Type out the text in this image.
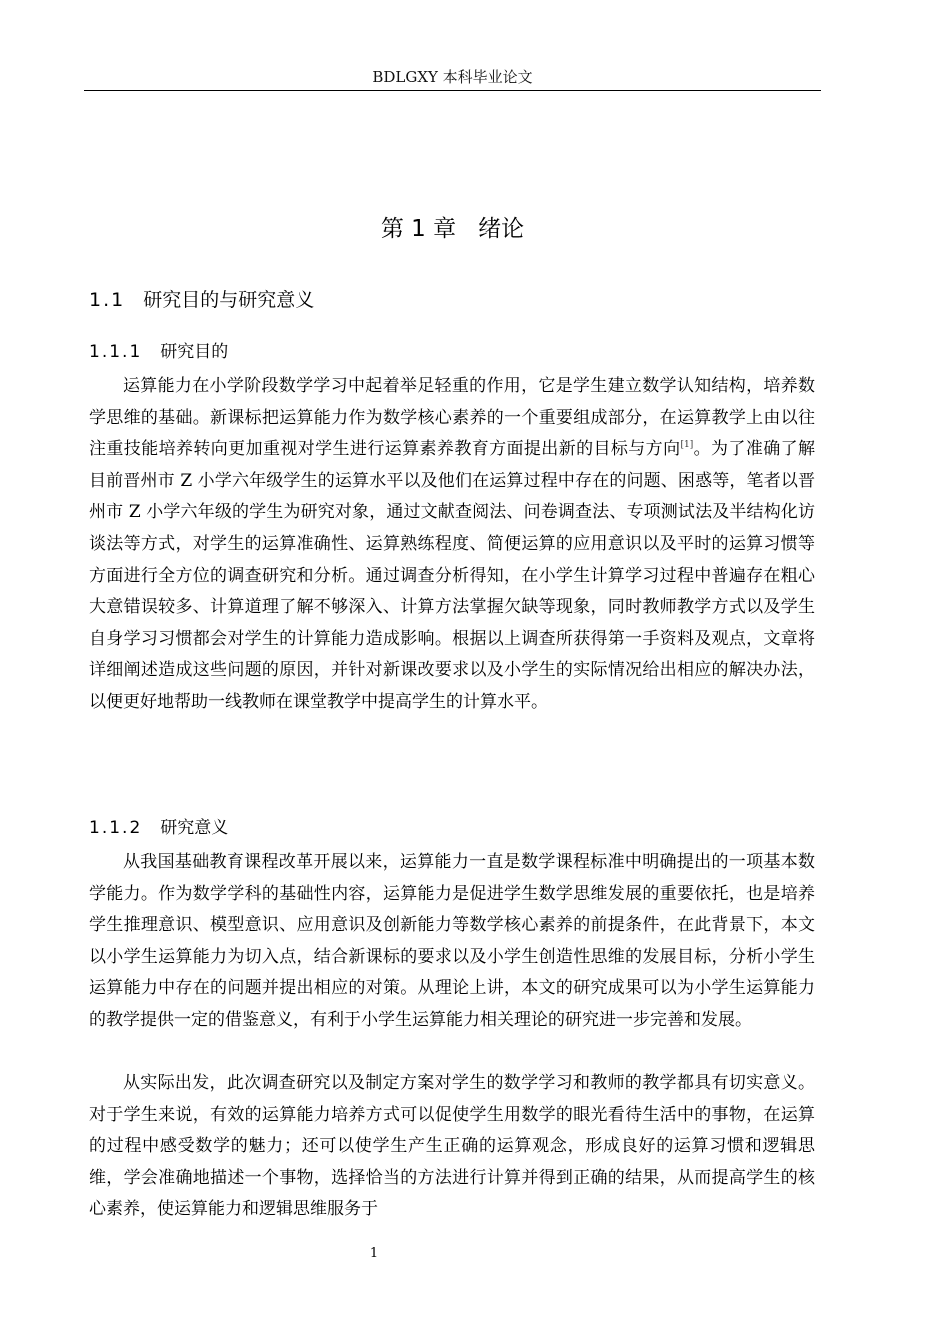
BDLGXY 本科毕业论文
第 1 章 绪论
1.1 研究目的与研究意义
1.1.1 研究目的

运算能力在小学阶段数学学习中起着举足轻重的作用，它是学生建立数学认知结构，培养数学思维的基础。新课标把运算能力作为数学核心素养的一个重要组成部分，在运算教学上由以往注重技能培养转向更加重视对学生进行运算素养教育方面提出新的目标与方向[1]。为了准确了解目前晋州市 Z 小学六年级学生的运算水平以及他们在运算过程中存在的问题、困惑等，笔者以晋州市 Z 小学六年级的学生为研究对象，通过文献查阅法、问卷调查法、专项测试法及半结构化访谈法等方式，对学生的运算准确性、运算熟练程度、简便运算的应用意识以及平时的运算习惯等方面进行全方位的调查研究和分析。通过调查分析得知，在小学生计算学习过程中普遍存在粗心大意错误较多、计算道理了解不够深入、计算方法掌握欠缺等现象，同时教师教学方式以及学生自身学习习惯都会对学生的计算能力造成影响。根据以上调查所获得第一手资料及观点，文章将详细阐述造成这些问题的原因，并针对新课改要求以及小学生的实际情况给出相应的解决办法，以便更好地帮助一线教师在课堂教学中提高学生的计算水平。

1.1.2 研究意义

从我国基础教育课程改革开展以来，运算能力一直是数学课程标准中明确提出的一项基本数学能力。作为数学学科的基础性内容，运算能力是促进学生数学思维发展的重要依托，也是培养学生推理意识、模型意识、应用意识及创新能力等数学核心素养的前提条件，在此背景下，本文以小学生运算能力为切入点，结合新课标的要求以及小学生创造性思维的发展目标，分析小学生运算能力中存在的问题并提出相应的对策。从理论上讲，本文的研究成果可以为小学生运算能力的教学提供一定的借鉴意义，有利于小学生运算能力相关理论的研究进一步完善和发展。

从实际出发，此次调查研究以及制定方案对学生的数学学习和教师的教学都具有切实意义。对于学生来说，有效的运算能力培养方式可以促使学生用数学的眼光看待生活中的事物，在运算的过程中感受数学的魅力；还可以使学生产生正确的运算观念，形成良好的运算习惯和逻辑思维，学会准确地描述一个事物，选择恰当的方法进行计算并得到正确的结果，从而提高学生的核心素养，使运算能力和逻辑思维服务于

1
